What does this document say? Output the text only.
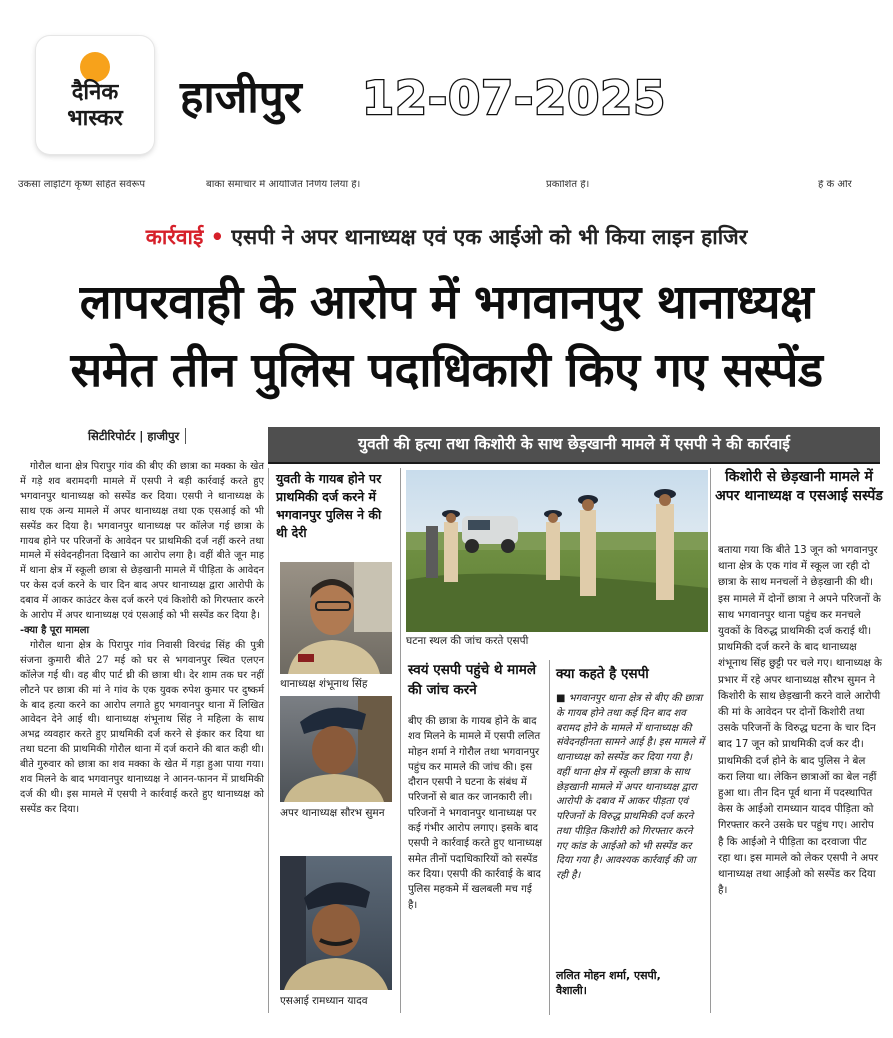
दैनिक
भास्कर	हाजीपुर 12-07-2025
उकसा लाइटिंग कृष्ण सहित सर्वरूप	बाका समाचार में आयोजित निर्णय लिया है।	प्रकाशित है।	है के और
कार्रवाई • एसपी ने अपर थानाध्यक्ष एवं एक आईओ को भी किया लाइन हाजिर
लापरवाही के आरोप में भगवानपुर थानाध्यक्ष
समेत तीन पुलिस पदाधिकारी किए गए सस्पेंड
सिटीरिपोर्टर | हाजीपुर

गोरौल थाना क्षेत्र पिरापुर गांव की बीए की छात्रा का मक्का के खेत में गड़े शव बरामदगी मामले में एसपी ने बड़ी कार्रवाई करते हुए भगवानपुर थानाध्यक्ष को सस्पेंड कर दिया। एसपी ने थानाध्यक्ष के साथ एक अन्य मामले में अपर थानाध्यक्ष तथा एक एसआई को भी सस्पेंड कर दिया है। भगवानपुर थानाध्यक्ष पर कॉलेज गई छात्रा के गायब होने पर परिजनों के आवेदन पर प्राथमिकी दर्ज नहीं करने तथा मामले में संवेदनहीनता दिखाने का आरोप लगा है। वहीं बीते जून माह में थाना क्षेत्र में स्कूली छात्रा से छेड़खानी मामले में पीड़िता के आवेदन पर केस दर्ज करने के चार दिन बाद अपर थानाध्यक्ष द्वारा आरोपी के दबाव में आकर काउंटर केस दर्ज करने एवं किशोरी को गिरफ्तार करने के आरोप में अपर थानाध्यक्ष एवं एसआई को भी सस्पेंड कर दिया है।

-क्या है पूरा मामला

गोरौल थाना क्षेत्र के पिरापुर गांव निवासी विरचंद्र सिंह की पुत्री संजना कुमारी बीते 27 मई को घर से भगवानपुर स्थित एलएन कॉलेज गई थी। वह बीए पार्ट थ्री की छात्रा थी। देर शाम तक घर नहीं लौटने पर छात्रा की मां ने गांव के एक युवक रुपेश कुमार पर दुष्कर्म के बाद हत्या करने का आरोप लगाते हुए भगवानपुर थाना में लिखित आवेदन देने आई थी। थानाध्यक्ष शंभूनाथ सिंह ने महिला के साथ अभद्र व्यवहार करते हुए प्राथमिकी दर्ज करने से इंकार कर दिया था तथा घटना की प्राथमिकी गोरौल थाना में दर्ज कराने की बात कही थी। बीते गुरुवार को छात्रा का शव मक्का के खेत में गड़ा हुआ पाया गया। शव मिलने के बाद भगवानपुर थानाध्यक्ष ने आनन-फानन में प्राथमिकी दर्ज की थी। इस मामले में एसपी ने कार्रवाई करते हुए थानाध्यक्ष को सस्पेंड कर दिया।

युवती की हत्या तथा किशोरी के साथ छेड़खानी मामले में एसपी ने की कार्रवाई
युवती के गायब होने पर प्राथमिकी दर्ज करने में भगवानपुर पुलिस ने की थी देरी
थानाध्यक्ष शंभूनाथ सिंह
अपर थानाध्यक्ष सौरभ सुमन
एसआई रामध्यान यादव
घटना स्थल की जांच करते एसपी
स्वयं एसपी पहुंचे थे मामले की जांच करने
बीए की छात्रा के गायब होने के बाद शव मिलने के मामले में एसपी ललित मोहन शर्मा ने गोरौल तथा भगवानपुर पहुंच कर मामले की जांच की। इस दौरान एसपी ने घटना के संबंध में परिजनों से बात कर जानकारी ली। परिजनों ने भगवानपुर थानाध्यक्ष पर कई गंभीर आरोप लगाए। इसके बाद एसपी ने कार्रवाई करते हुए थानाध्यक्ष समेत तीनों पदाधिकारियों को सस्पेंड कर दिया। एसपी की कार्रवाई के बाद पुलिस महकमे में खलबली मच गई है।
क्या कहते है एसपी
■ भगवानपुर थाना क्षेत्र से बीए की छात्रा के गायब होने तथा कई दिन बाद शव बरामद होने के मामले में थानाध्यक्ष की संवेदनहीनता सामने आई है। इस मामले में थानाध्यक्ष को सस्पेंड कर दिया गया है। वहीं थाना क्षेत्र में स्कूली छात्रा के साथ छेड़खानी मामले में अपर थानाध्यक्ष द्वारा आरोपी के दबाव में आकर पीड़ता एवं परिजनों के विरुद्ध प्राथमिकी दर्ज करने तथा पीड़ित किशोरी को गिरफ्तार करने गए कांड के आईओ को भी सस्पेंड कर दिया गया है। आवश्यक कार्रवाई की जा रही है।
ललित मोहन शर्मा, एसपी,
वैशाली।
किशोरी से छेड़खानी मामले में अपर थानाध्यक्ष व एसआई सस्पेंड
बताया गया कि बीते 13 जून को भगवानपुर थाना क्षेत्र के एक गांव में स्कूल जा रही दो छात्रा के साथ मनचलों ने छेड़खानी की थी। इस मामले में दोनों छात्रा ने अपने परिजनों के साथ भगवानपुर थाना पहुंच कर मनचले युवकों के विरुद्ध प्राथमिकी दर्ज कराई थी। प्राथमिकी दर्ज करने के बाद थानाध्यक्ष शंभूनाथ सिंह छुट्टी पर चले गए। थानाध्यक्ष के प्रभार में रहे अपर थानाध्यक्ष सौरभ सुमन ने किशोरी के साथ छेड़खानी करने वाले आरोपी की मां के आवेदन पर दोनों किशोरी तथा उसके परिजनों के विरुद्ध घटना के चार दिन बाद 17 जून को प्राथमिकी दर्ज कर दी। प्राथमिकी दर्ज होने के बाद पुलिस ने बेल करा लिया था। लेकिन छात्राओं का बेल नहीं हुआ था। तीन दिन पूर्व थाना में पदस्थापित केस के आईओ रामध्यान यादव पीड़िता को गिरफ्तार करने उसके घर पहुंच गए। आरोप है कि आईओ ने पीड़िता का दरवाजा पीट रहा था। इस मामले को लेकर एसपी ने अपर थानाध्यक्ष तथा आईओ को सस्पेंड कर दिया है।
